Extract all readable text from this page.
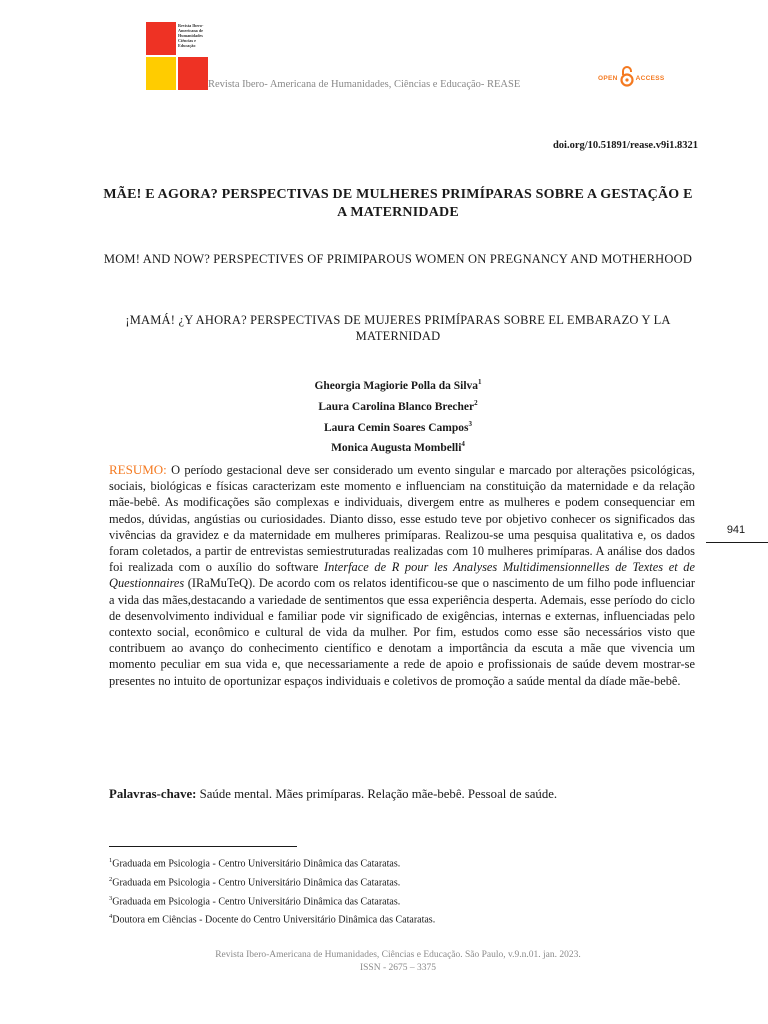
Revista Ibero-Americana de Humanidades Ciências e Educação
Revista Ibero- Americana de Humanidades, Ciências e Educação- REASE
OPEN	ACCESS
doi.org/10.51891/rease.v9i1.8321
MÃE! E AGORA? PERSPECTIVAS DE MULHERES PRIMÍPARAS SOBRE A GESTAÇÃO E A MATERNIDADE
MOM! AND NOW? PERSPECTIVES OF PRIMIPAROUS WOMEN ON PREGNANCY AND MOTHERHOOD
¡MAMÁ! ¿Y AHORA? PERSPECTIVAS DE MUJERES PRIMÍPARAS SOBRE EL EMBARAZO Y LA MATERNIDAD
Gheorgia Magiorie Polla da Silva$^1$
Laura Carolina Blanco Brecher$^2$
Laura Cemin Soares Campos$^3$
Monica Augusta Mombelli$^4$
RESUMO: O período gestacional deve ser considerado um evento singular e marcado por alterações psicológicas, sociais, biológicas e físicas caracterizam este momento e influenciam na constituição da maternidade e da relação mãe-bebê. As modificações são complexas e individuais, divergem entre as mulheres e podem consequenciar em medos, dúvidas, angústias ou curiosidades. Dianto disso, esse estudo teve por objetivo conhecer os significados das vivências da gravidez e da maternidade em mulheres primíparas. Realizou-se uma pesquisa qualitativa e, os dados foram coletados, a partir de entrevistas semiestruturadas realizadas com 10 mulheres primíparas. A análise dos dados foi realizada com o auxílio do software Interface de R pour les Analyses Multidimensionnelles de Textes et de Questionnaires (IRaMuTeQ). De acordo com os relatos identificou-se que o nascimento de um filho pode influenciar a vida das mães,destacando a variedade de sentimentos que essa experiência desperta. Ademais, esse período do ciclo de desenvolvimento individual e familiar pode vir significado de exigências, internas e externas, influenciadas pelo contexto social, econômico e cultural de vida da mulher. Por fim, estudos como esse são necessários visto que contribuem ao avanço do conhecimento científico e denotam a importância da escuta a mãe que vivencia um momento peculiar em sua vida e, que necessariamente a rede de apoio e profissionais de saúde devem mostrar-se presentes no intuito de oportunizar espaços individuais e coletivos de promoção a saúde mental da díade mãe-bebê.
941
Palavras-chave: Saúde mental. Mães primíparas. Relação mãe-bebê. Pessoal de saúde.
$^1$Graduada em Psicologia - Centro Universitário Dinâmica das Cataratas.
$^2$Graduada em Psicologia - Centro Universitário Dinâmica das Cataratas.
$^3$Graduada em Psicologia - Centro Universitário Dinâmica das Cataratas.
$^4$Doutora em Ciências - Docente do Centro Universitário Dinâmica das Cataratas.
Revista Ibero-Americana de Humanidades, Ciências e Educação. São Paulo, v.9.n.01. jan. 2023.
ISSN - 2675 – 3375
